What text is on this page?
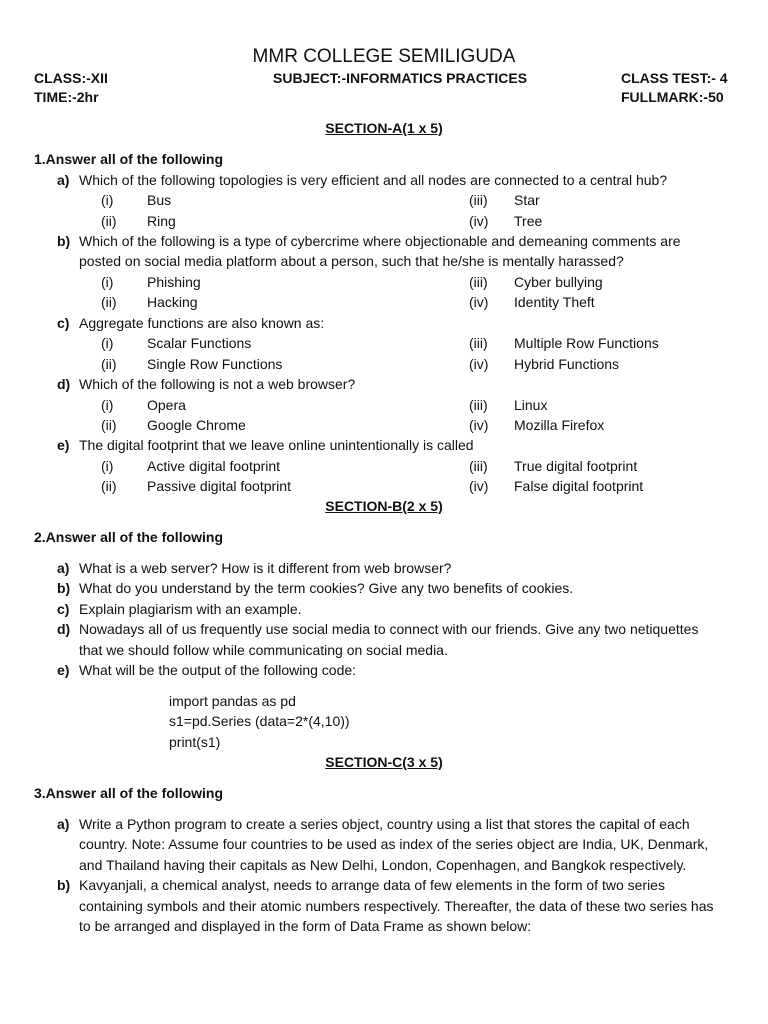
MMR COLLEGE SEMILIGUDA
CLASS:-XII	SUBJECT:-INFORMATICS PRACTICES	CLASS TEST:- 4
TIME:-2hr	FULLMARK:-50
SECTION-A(1 x 5)
1.Answer all of the following
a) Which of the following topologies is very efficient and all nodes are connected to a central hub?
(i) Bus	(iii) Star
(ii) Ring	(iv) Tree
b) Which of the following is a type of cybercrime where objectionable and demeaning comments are
posted on social media platform about a person, such that he/she is mentally harassed?
(i) Phishing	(iii) Cyber bullying
(ii) Hacking	(iv) Identity Theft
c) Aggregate functions are also known as:
(i) Scalar Functions	(iii) Multiple Row Functions
(ii) Single Row Functions	(iv) Hybrid Functions
d) Which of the following is not a web browser?
(i) Opera	(iii) Linux
(ii) Google Chrome	(iv) Mozilla Firefox
e) The digital footprint that we leave online unintentionally is called
(i) Active digital footprint	(iii) True digital footprint
(ii) Passive digital footprint	(iv) False digital footprint
SECTION-B(2 x 5)
2.Answer all of the following
a) What is a web server? How is it different from web browser?
b) What do you understand by the term cookies? Give any two benefits of cookies.
c) Explain plagiarism with an example.
d) Nowadays all of us frequently use social media to connect with our friends. Give any two netiquettes
that we should follow while communicating on social media.
e) What will be the output of the following code:
import pandas as pd
s1=pd.Series (data=2*(4,10))
print(s1)
SECTION-C(3 x 5)
3.Answer all of the following
a) Write a Python program to create a series object, country using a list that stores the capital of each
country. Note: Assume four countries to be used as index of the series object are India, UK, Denmark,
and Thailand having their capitals as New Delhi, London, Copenhagen, and Bangkok respectively.
b) Kavyanjali, a chemical analyst, needs to arrange data of few elements in the form of two series
containing symbols and their atomic numbers respectively. Thereafter, the data of these two series has
to be arranged and displayed in the form of Data Frame as shown below:
